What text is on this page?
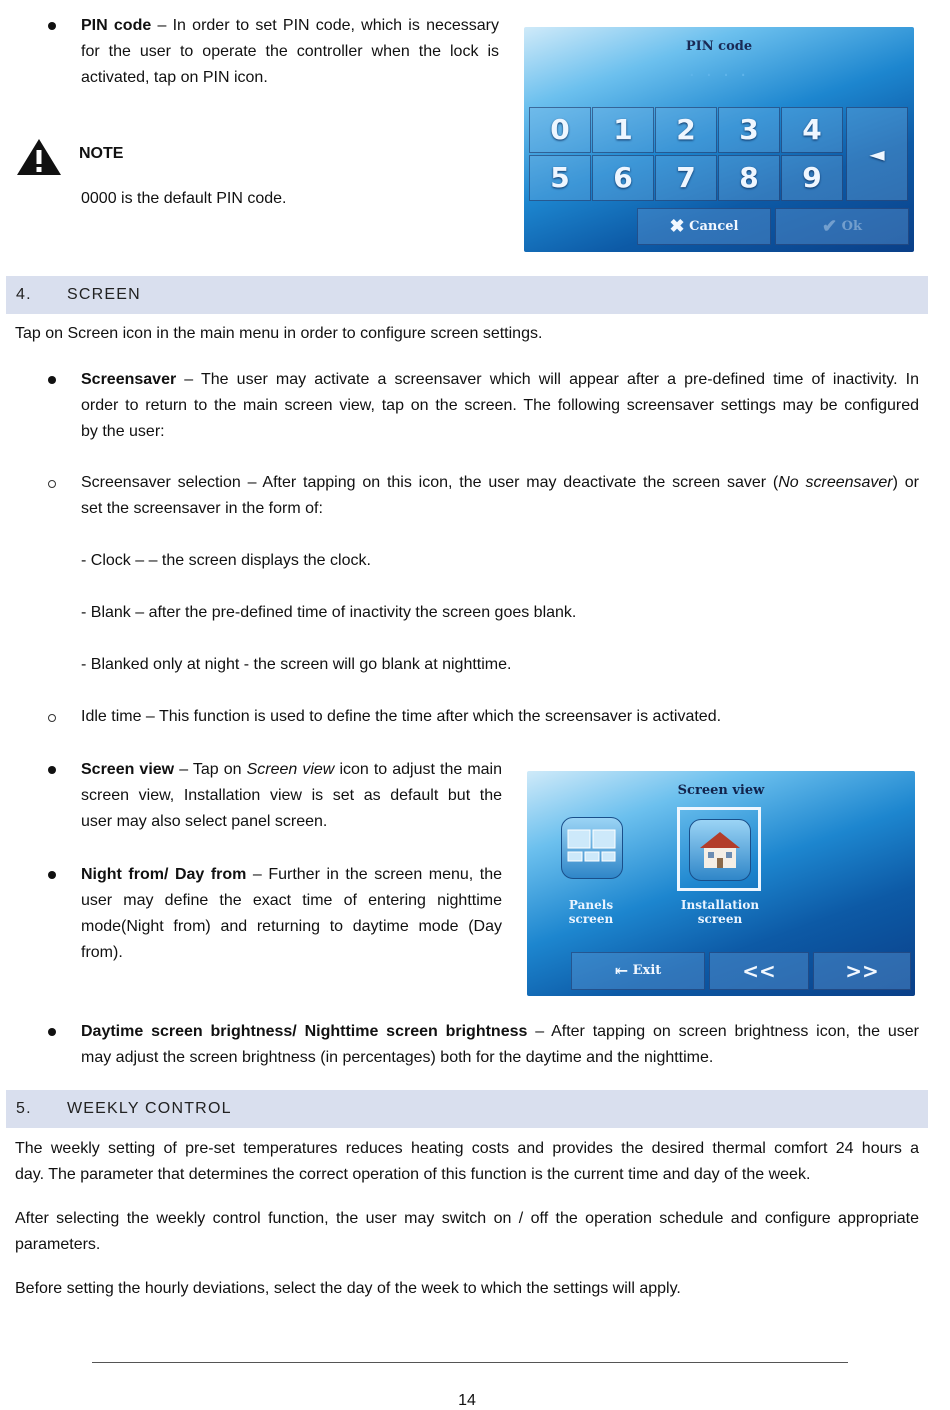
PIN code – In order to set PIN code, which is necessary
for the user to operate the controller when the lock is
activated, tap on PIN icon.
NOTE
0000 is the default PIN code.
PIN code
. . . .
0	1	2	3	4
5	6	7	8	9
◄
✖ Cancel	✔ Ok
4. SCREEN
Tap on Screen icon in the main menu in order to configure screen settings.
Screensaver – The user may activate a screensaver which will appear after a pre-defined time of inactivity. In
order to return to the main screen view, tap on the screen. The following screensaver settings may be configured
by the user:
Screensaver selection – After tapping on this icon, the user may deactivate the screen saver (No screensaver) or
set the screensaver in the form of:
- Clock – – the screen displays the clock.
- Blank – after the pre-defined time of inactivity the screen goes blank.
- Blanked only at night - the screen will go blank at nighttime.
Idle time – This function is used to define the time after which the screensaver is activated.
Screen view – Tap on Screen view icon to adjust the main
screen view, Installation view is set as default but the
user may also select panel screen.
Night from/ Day from – Further in the screen menu, the
user may define the exact time of entering nighttime
mode(Night from) and returning to daytime mode (Day
from).
Screen view
Panels
screen
Installation
screen
⇤ Exit	<<	>>
Daytime screen brightness/ Nighttime screen brightness – After tapping on screen brightness icon, the user
may adjust the screen brightness (in percentages) both for the daytime and the nighttime.
5. WEEKLY CONTROL
The weekly setting of pre-set temperatures reduces heating costs and provides the desired thermal comfort 24 hours a
day. The parameter that determines the correct operation of this function is the current time and day of the week.
After selecting the weekly control function, the user may switch on / off the operation schedule and configure appropriate
parameters.
Before setting the hourly deviations, select the day of the week to which the settings will apply.
14
